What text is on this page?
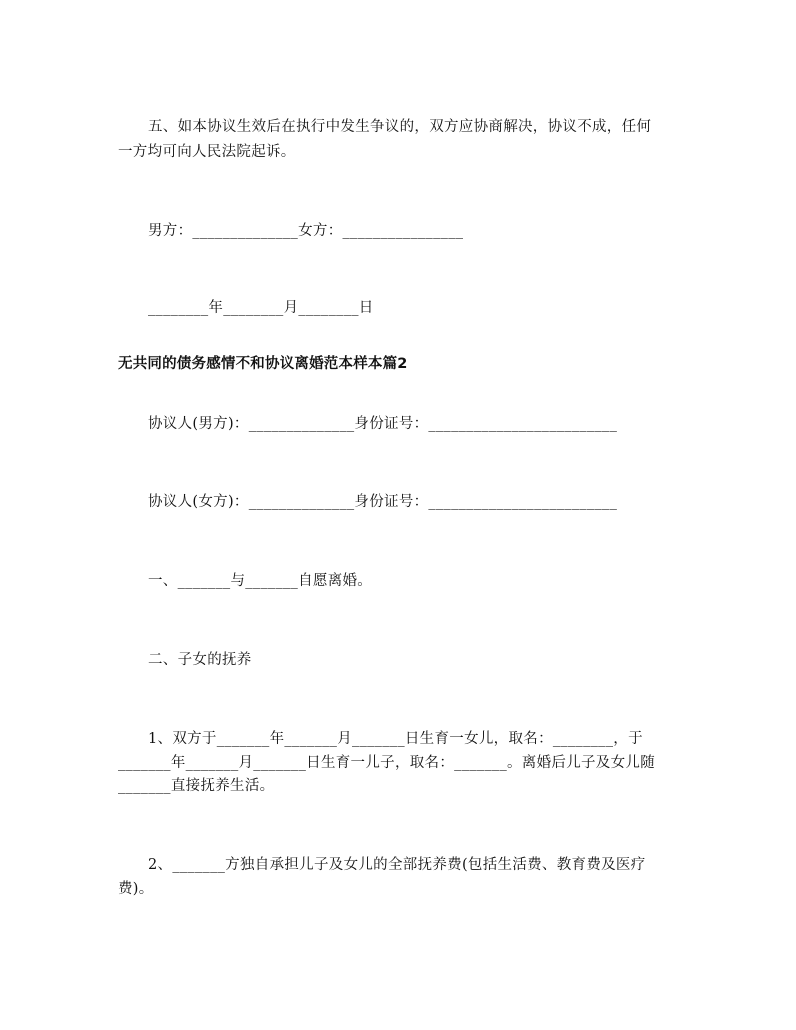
五、如本协议生效后在执行中发生争议的，双方应协商解决，协议不成，任何
一方均可向人民法院起诉。
男方：______________女方：________________
________年________月________日
无共同的债务感情不和协议离婚范本样本篇2
协议人(男方)：______________身份证号：_________________________
协议人(女方)：______________身份证号：_________________________
一、_______与_______自愿离婚。
二、子女的抚养
1、双方于_______年_______月_______日生育一女儿，取名：________，于
_______年_______月_______日生育一儿子，取名：_______。离婚后儿子及女儿随
_______直接抚养生活。
2、_______方独自承担儿子及女儿的全部抚养费(包括生活费、教育费及医疗
费)。
